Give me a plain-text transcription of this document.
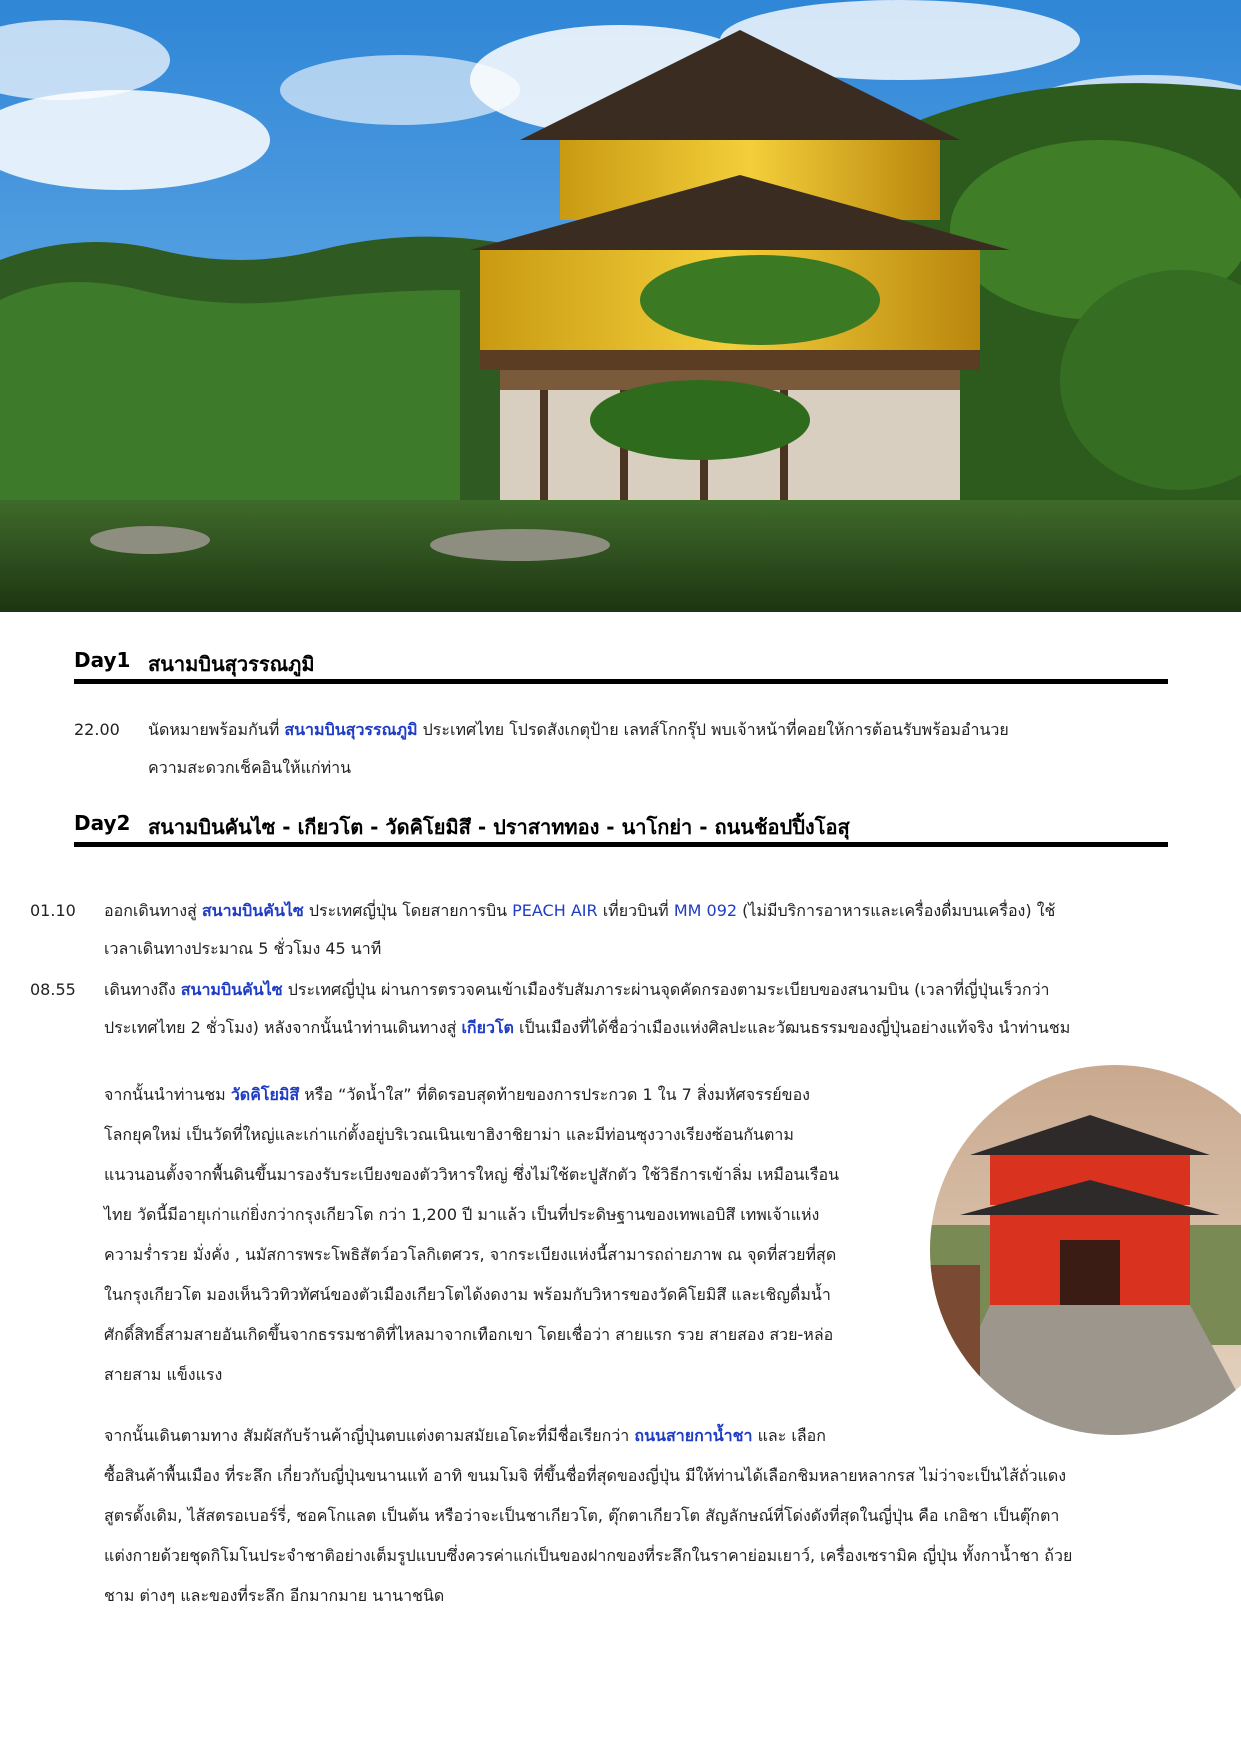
Day1 สนามบินสุวรรณภูมิ
22.00 นัดหมายพร้อมกันที่ สนามบินสุวรรณภูมิ ประเทศไทย โปรดสังเกตุป้าย เลทส์โกกรุ๊ป พบเจ้าหน้าที่คอยให้การต้อนรับพร้อมอำนวย
ความสะดวกเช็คอินให้แก่ท่าน
Day2 สนามบินคันไซ - เกียวโต - วัดคิโยมิสึ - ปราสาททอง - นาโกย่า - ถนนช้อปปิ้งโอสุ
01.10 ออกเดินทางสู่ สนามบินคันไซ ประเทศญี่ปุ่น โดยสายการบิน PEACH AIR เที่ยวบินที่ MM 092 (ไม่มีบริการอาหารและเครื่องดื่มบนเครื่อง) ใช้
เวลาเดินทางประมาณ 5 ชั่วโมง 45 นาที
08.55 เดินทางถึง สนามบินคันไซ ประเทศญี่ปุ่น ผ่านการตรวจคนเข้าเมืองรับสัมภาระผ่านจุดคัดกรองตามระเบียบของสนามบิน (เวลาที่ญี่ปุ่นเร็วกว่า
ประเทศไทย 2 ชั่วโมง) หลังจากนั้นนำท่านเดินทางสู่ เกียวโต เป็นเมืองที่ได้ชื่อว่าเมืองแห่งศิลปะและวัฒนธรรมของญี่ปุ่นอย่างแท้จริง นำท่านชม
จากนั้นนำท่านชม วัดคิโยมิสึ หรือ “วัดน้ำใส” ที่ติดรอบสุดท้ายของการประกวด 1 ใน 7 สิ่งมหัศจรรย์ของ
โลกยุคใหม่ เป็นวัดที่ใหญ่และเก่าแก่ตั้งอยู่บริเวณเนินเขาฮิงาชิยาม่า และมีท่อนซุงวางเรียงซ้อนกันตาม
แนวนอนตั้งจากพื้นดินขึ้นมารองรับระเบียงของตัววิหารใหญ่ ซึ่งไม่ใช้ตะปูสักตัว ใช้วิธีการเข้าลิ่ม เหมือนเรือน
ไทย วัดนี้มีอายุเก่าแก่ยิ่งกว่ากรุงเกียวโต กว่า 1,200 ปี มาแล้ว เป็นที่ประดิษฐานของเทพเอบิสึ เทพเจ้าแห่ง
ความร่ำรวย มั่งคั่ง , นมัสการพระโพธิสัตว์อวโลกิเตศวร, จากระเบียงแห่งนี้สามารถถ่ายภาพ ณ จุดที่สวยที่สุด
ในกรุงเกียวโต มองเห็นวิวทิวทัศน์ของตัวเมืองเกียวโตได้งดงาม พร้อมกับวิหารของวัดคิโยมิสึ และเชิญดื่มน้ำ
ศักดิ์สิทธิ์สามสายอันเกิดขึ้นจากธรรมชาติที่ไหลมาจากเทือกเขา โดยเชื่อว่า สายแรก รวย สายสอง สวย-หล่อ
สายสาม แข็งแรง
จากนั้นเดินตามทาง สัมผัสกับร้านค้าญี่ปุ่นตบแต่งตามสมัยเอโดะที่มีชื่อเรียกว่า ถนนสายกาน้ำชา และ เลือก
ซื้อสินค้าพื้นเมือง ที่ระลึก เกี่ยวกับญี่ปุ่นขนานแท้ อาทิ ขนมโมจิ ที่ขึ้นชื่อที่สุดของญี่ปุ่น มีให้ท่านได้เลือกชิมหลายหลากรส ไม่ว่าจะเป็นไส้ถั่วแดง
สูตรดั้งเดิม, ไส้สตรอเบอร์รี่, ชอคโกแลต เป็นต้น หรือว่าจะเป็นชาเกียวโต, ตุ๊กตาเกียวโต สัญลักษณ์ที่โด่งดังที่สุดในญี่ปุ่น คือ เกอิชา เป็นตุ๊กตา
แต่งกายด้วยชุดกิโมโนประจำชาติอย่างเต็มรูปแบบซึ่งควรค่าแก่เป็นของฝากของที่ระลึกในราคาย่อมเยาว์, เครื่องเซรามิค ญี่ปุ่น ทั้งกาน้ำชา ถ้วย
ชาม ต่างๆ และของที่ระลึก อีกมากมาย นานาชนิด
